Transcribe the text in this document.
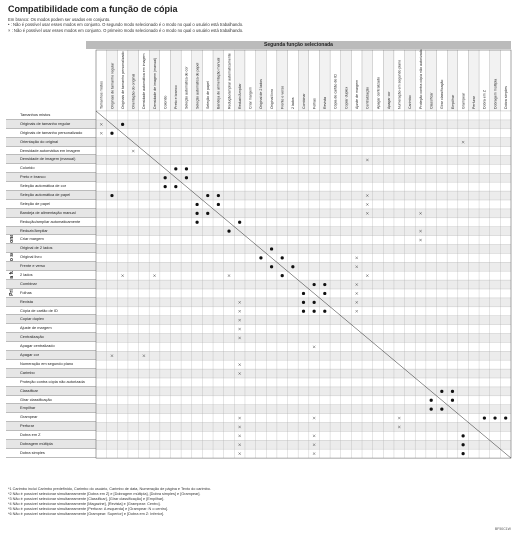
Compatibilidade com a função de cópia
Em branco: Os modos podem ser usados em conjunto.
• : Não é possível usar esses modos em conjunto. O segundo modo selecionado é o modo no qual o usuário está trabalhando.
× : Não é possível usar esses modos em conjunto. O primeiro modo selecionado é o modo no qual o usuário está trabalhando.
Segunda função selecionada
Tamanhos mistos
Originais de tamanho regular
Originais de tamanho personalizado
Orientação do original
Densidade automática em imagem
Densidade de imagem (manual)
Colorido
Preto e branco
Seleção automática de cor
Seleção automática de papel
Seleção de papel
Bandeja de alimentação manual
Redução/ampliar automaticamente
Reduzir/Ampliar
Criar margem
Original de 2 lados
Original livro
Frente e verso
2 lados
Combinar
Folhas
Revista
Cópia de cartão de ID
Copiar duplex
Ajuste de margem
Centralização
Apagar centralizado
Apagar cor
Numeração em segundo plano
Carimbo
Proteção contra cópia não autorizada
Classificar
Girar classificação
Empilhar
Grampear
Perfurar
Dobra em Z
Dobragem múltipla
Dobra simples
Tamanhos mistos Originais de tamanho regular Originais de tamanho personalizado Orientação do original Densidade automática em imagem Densidade de imagem (manual) Colorido Preto e branco Seleção automática de cor Seleção automática de papel Seleção de papel Bandeja de alimentação manual Redução/ampliar automaticamente Reduzir/Ampliar Criar margem Original de 2 lados Original livro Frente e verso 2 lados Combinar Folhas Revista Cópia de cartão de ID Copiar duplex Ajuste de margem Centralização Apagar centralizado Apagar cor Numeração em segundo plano Carimbo Proteção contra cópia não autorizada Classificar Girar classificação Empilhar Grampear Perfurar Dobra em Z Dobragem múltipla Dobra simples
*1 Carimbo inclui Carimbo predefinido, Carimbo do usuário, Carimbo de data, Numeração de página e Texto do carimbo.
*2 Não é possível selecionar simultaneamente [Dobra em Z] e [Dobragem múltipla], [Dobra simples] e [Grampear].
*3 Não é possível selecionar simultaneamente [Classificar], [Girar classificação] e [Empilhar].
*4 Não é possível selecionar simultaneamente [Magazine], [Revista] e [Grampear: Centro].
*5 Não é possível selecionar simultaneamente [Perfurar: A esquerda] e [Grampear: N o centro].
*6 Não é possível selecionar simultaneamente [Grampear: Superior] e [Dobra em Z: Inferior].
BF50C1W
